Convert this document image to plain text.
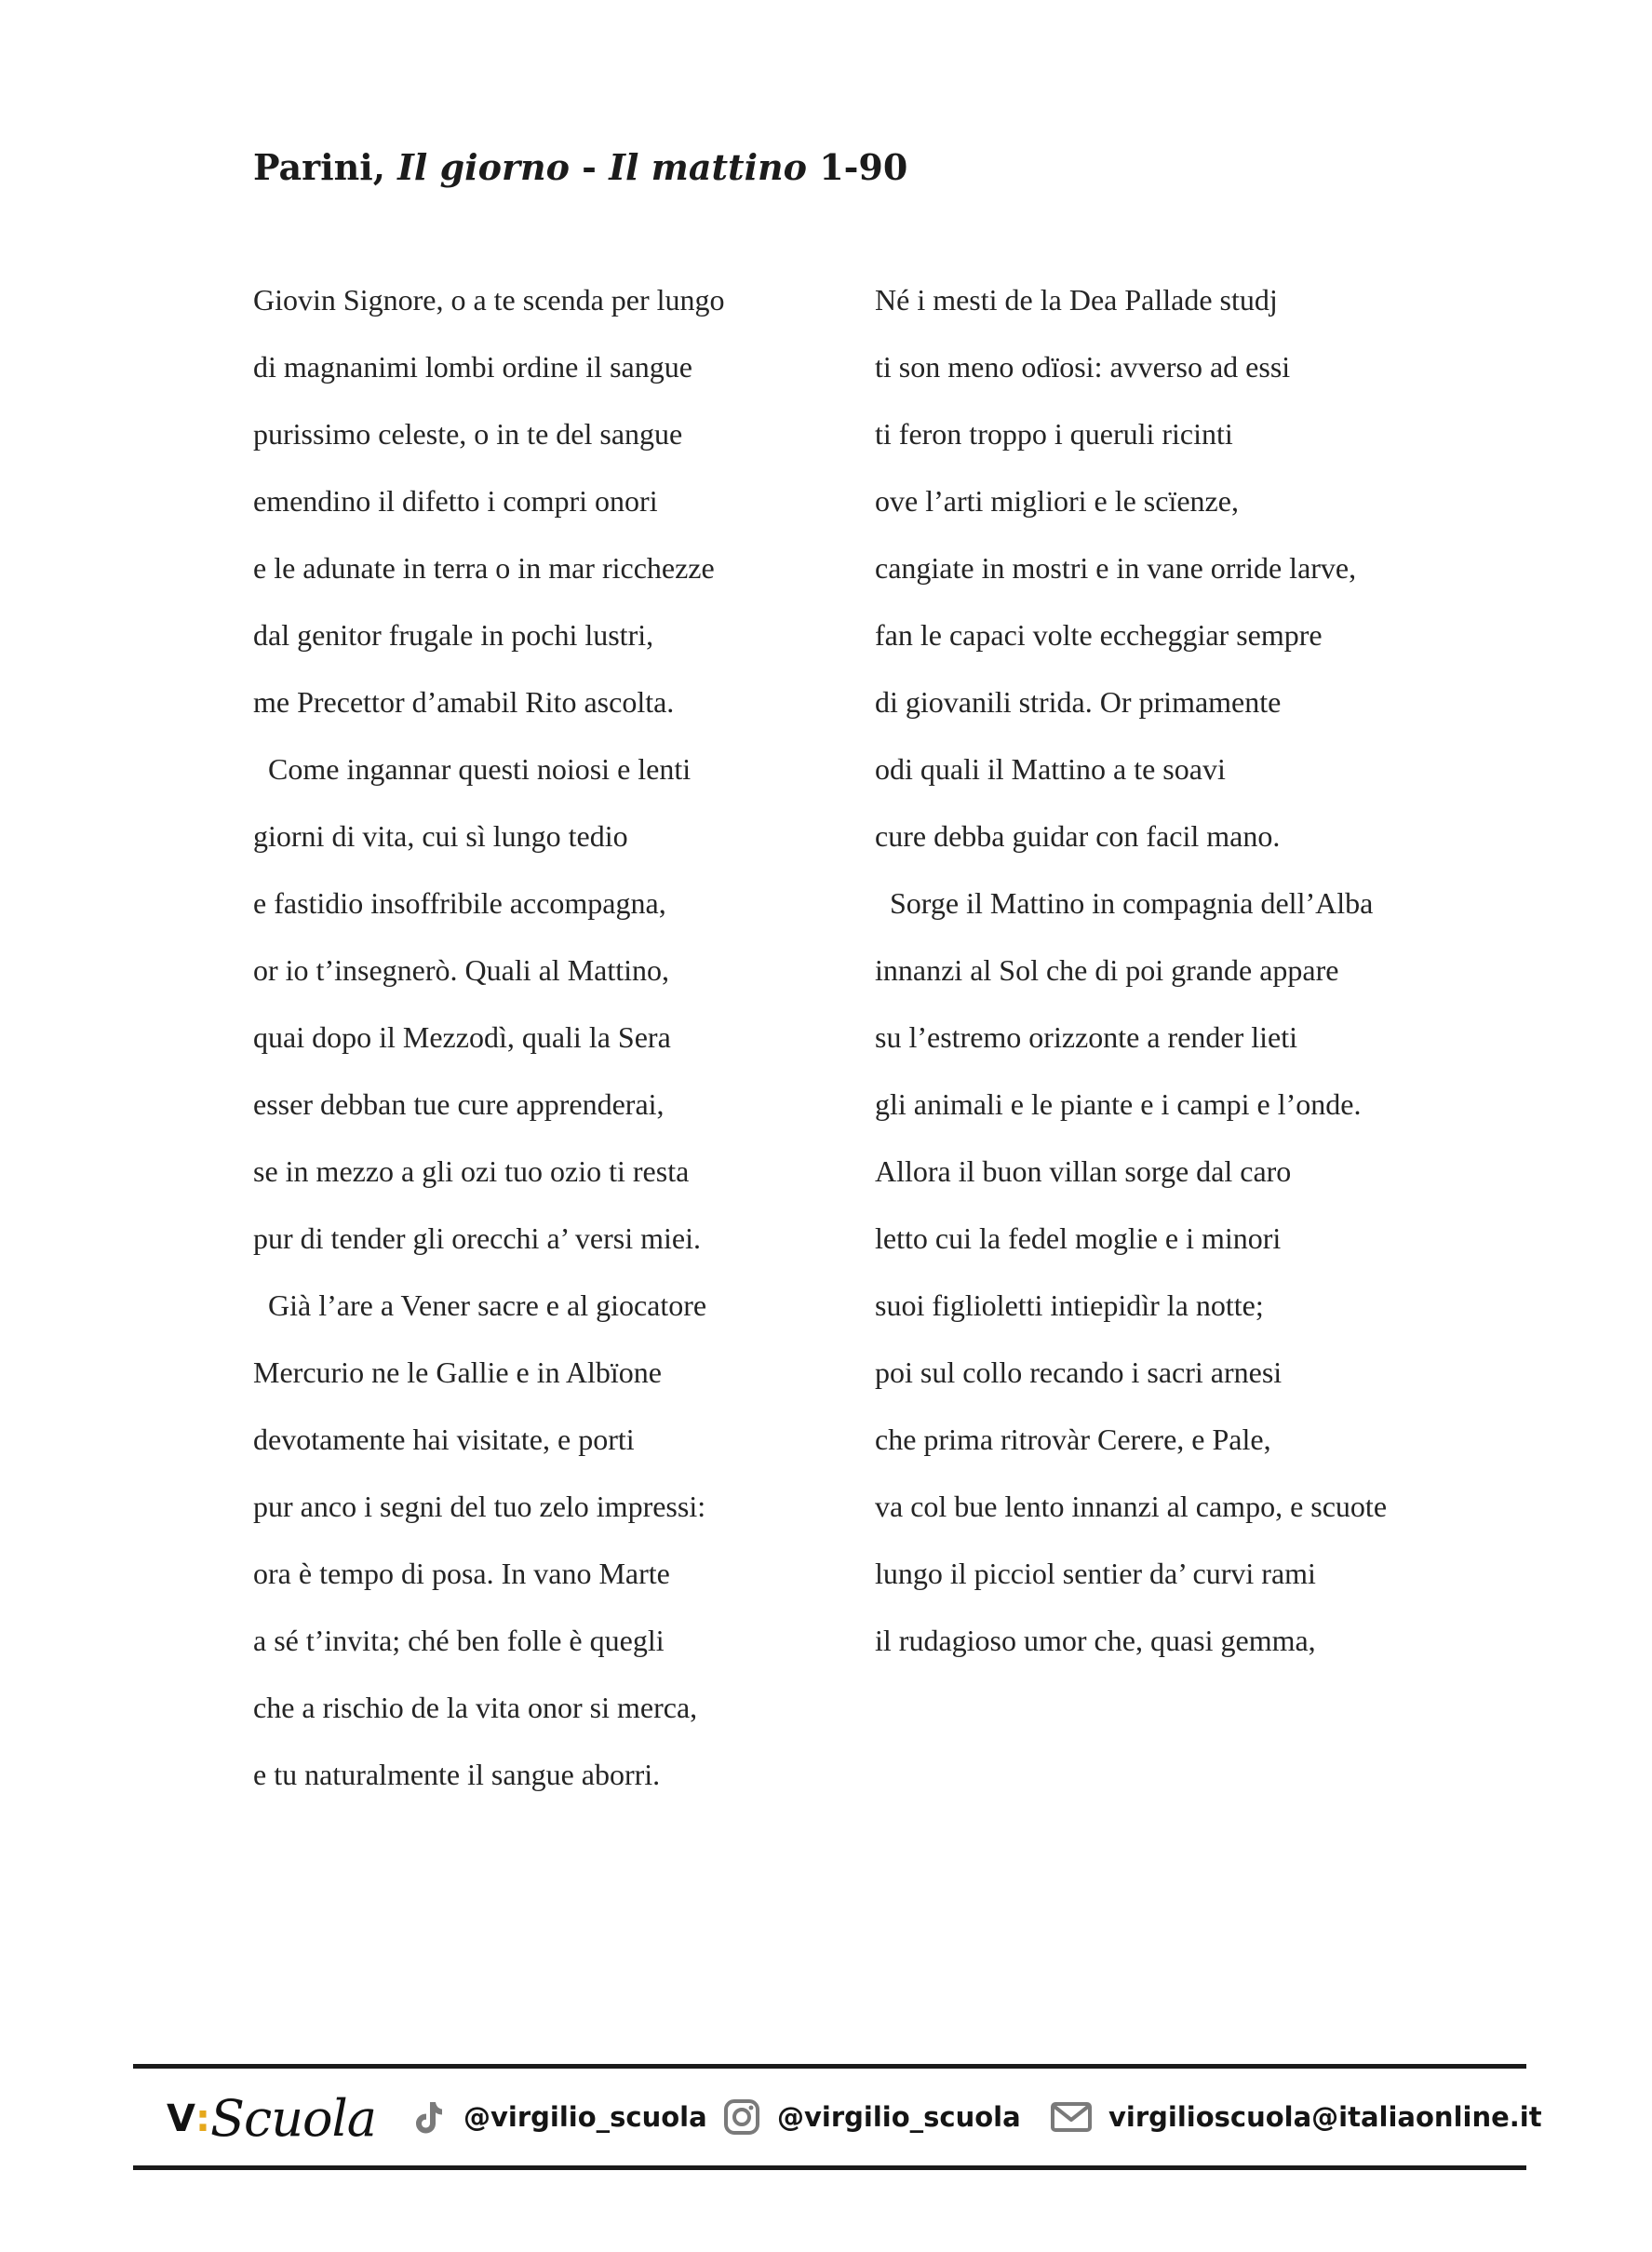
Parini, Il giorno - Il mattino 1-90
Giovin Signore, o a te scenda per lungo
di magnanimi lombi ordine il sangue
purissimo celeste, o in te del sangue
emendino il difetto i compri onori
e le adunate in terra o in mar ricchezze
dal genitor frugale in pochi lustri,
me Precettor d’amabil Rito ascolta.
Come ingannar questi noiosi e lenti
giorni di vita, cui sì lungo tedio
e fastidio insoffribile accompagna,
or io t’insegnerò. Quali al Mattino,
quai dopo il Mezzodì, quali la Sera
esser debban tue cure apprenderai,
se in mezzo a gli ozi tuo ozio ti resta
pur di tender gli orecchi a’ versi miei.
Già l’are a Vener sacre e al giocatore
Mercurio ne le Gallie e in Albïone
devotamente hai visitate, e porti
pur anco i segni del tuo zelo impressi:
ora è tempo di posa. In vano Marte
a sé t’invita; ché ben folle è quegli
che a rischio de la vita onor si merca,
e tu naturalmente il sangue aborri.
Né i mesti de la Dea Pallade studj
ti son meno odïosi: avverso ad essi
ti feron troppo i queruli ricinti
ove l’arti migliori e le scïenze,
cangiate in mostri e in vane orride larve,
fan le capaci volte eccheggiar sempre
di giovanili strida. Or primamente
odi quali il Mattino a te soavi
cure debba guidar con facil mano.
Sorge il Mattino in compagnia dell’Alba
innanzi al Sol che di poi grande appare
su l’estremo orizzonte a render lieti
gli animali e le piante e i campi e l’onde.
Allora il buon villan sorge dal caro
letto cui la fedel moglie e i minori
suoi figlioletti intiepidìr la notte;
poi sul collo recando i sacri arnesi
che prima ritrovàr Cerere, e Pale,
va col bue lento innanzi al campo, e scuote
lungo il picciol sentier da’ curvi rami
il rudagioso umor che, quasi gemma,
V:Scuola	@virgilio_scuola	@virgilio_scuola	virgilioscuola@italiaonline.it
